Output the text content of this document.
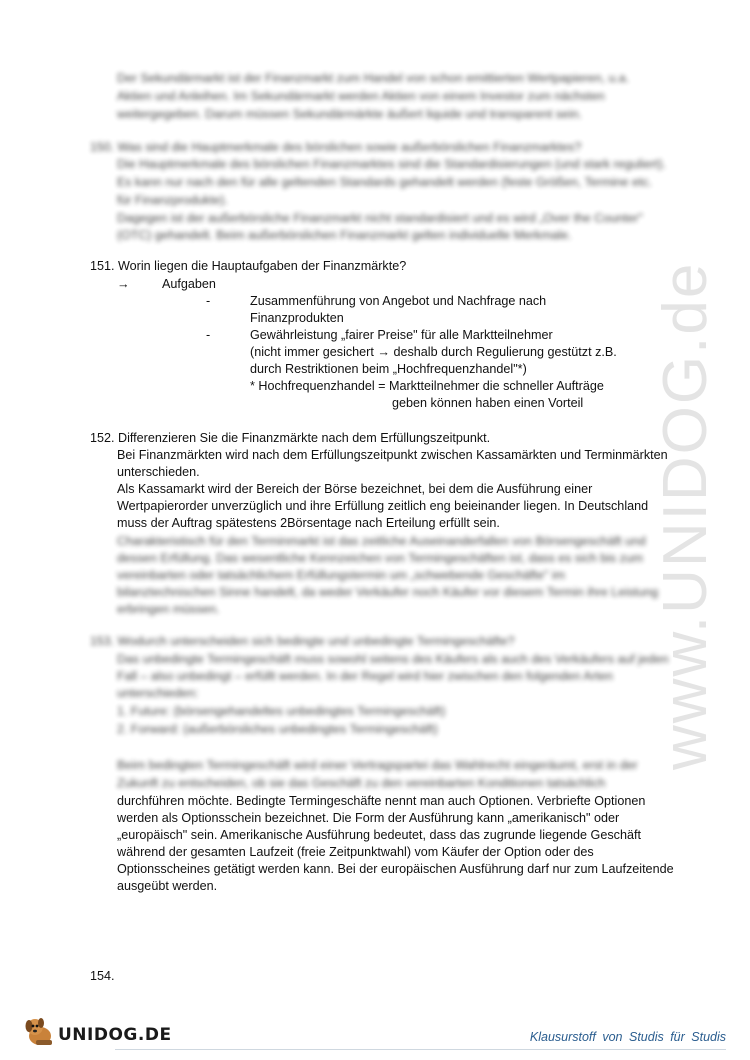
www.UNIDOG.de
Der Sekundärmarkt ist der Finanzmarkt zum Handel von schon emittierten Wertpapieren, u.a.
Aktien und Anleihen. Im Sekundärmarkt werden Aktien von einem Investor zum nächsten
weitergegeben. Darum müssen Sekundärmärkte äußert liquide und transparent sein.
150. Was sind die Hauptmerkmale des börslichen sowie außerbörslichen Finanzmarktes?
Die Hauptmerkmale des börslichen Finanzmarktes sind die Standardisierungen (und stark reguliert).
Es kann nur nach den für alle geltenden Standards gehandelt werden (feste Größen, Termine etc.
für Finanzprodukte).
Dagegen ist der außerbörsliche Finanzmarkt nicht standardisiert und es wird „Over the Counter"
(OTC) gehandelt. Beim außerbörslichen Finanzmarkt gelten individuelle Merkmale.
151. Worin liegen die Hauptaufgaben der Finanzmärkte?
→	Aufgaben
-	Zusammenführung von Angebot und Nachfrage nach
Finanzprodukten
-	Gewährleistung „fairer Preise" für alle Marktteilnehmer
(nicht immer gesichert → deshalb durch Regulierung gestützt z.B.
durch Restriktionen beim „Hochfrequenzhandel"*)
* Hochfrequenzhandel = Marktteilnehmer die schneller Aufträge
geben können haben einen Vorteil
152. Differenzieren Sie die Finanzmärkte nach dem Erfüllungszeitpunkt.
Bei Finanzmärkten wird nach dem Erfüllungszeitpunkt zwischen Kassamärkten und Terminmärkten
unterschieden.
Als Kassamarkt wird der Bereich der Börse bezeichnet, bei dem die Ausführung einer
Wertpapierorder unverzüglich und ihre Erfüllung zeitlich eng beieinander liegen. In Deutschland
muss der Auftrag spätestens 2Börsentage nach Erteilung erfüllt sein.
Charakteristisch für den Terminmarkt ist das zeitliche Auseinanderfallen von Börsengeschäft und
dessen Erfüllung. Das wesentliche Kennzeichen von Termingeschäften ist, dass es sich bis zum
vereinbarten oder tatsächlichem Erfüllungstermin um „schwebende Geschäfte" im
bilanztechnischen Sinne handelt, da weder Verkäufer noch Käufer vor diesem Termin ihre Leistung
erbringen müssen.
153. Wodurch unterscheiden sich bedingte und unbedingte Termingeschäfte?
Das unbedingte Termingeschäft muss sowohl seitens des Käufers als auch des Verkäufers auf jeden
Fall – also unbedingt – erfüllt werden. In der Regel wird hier zwischen den folgenden Arten
unterschieden:
1. Future: (börsengehandeltes unbedingtes Termingeschäft)
2. Forward: (außerbörsliches unbedingtes Termingeschäft)
Beim bedingten Termingeschäft wird einer Vertragspartei das Wahlrecht eingeräumt, erst in der
Zukunft zu entscheiden, ob sie das Geschäft zu den vereinbarten Konditionen tatsächlich
durchführen möchte. Bedingte Termingeschäfte nennt man auch Optionen. Verbriefte Optionen
werden als Optionsschein bezeichnet. Die Form der Ausführung kann „amerikanisch" oder
„europäisch" sein. Amerikanische Ausführung bedeutet, dass das zugrunde liegende Geschäft
während der gesamten Laufzeit (freie Zeitpunktwahl) vom Käufer der Option oder des
Optionsscheines getätigt werden kann. Bei der europäischen Ausführung darf nur zum Laufzeitende
ausgeübt werden.
154.
UNIDOG.DE	Klausurstoff von Studis für Studis
